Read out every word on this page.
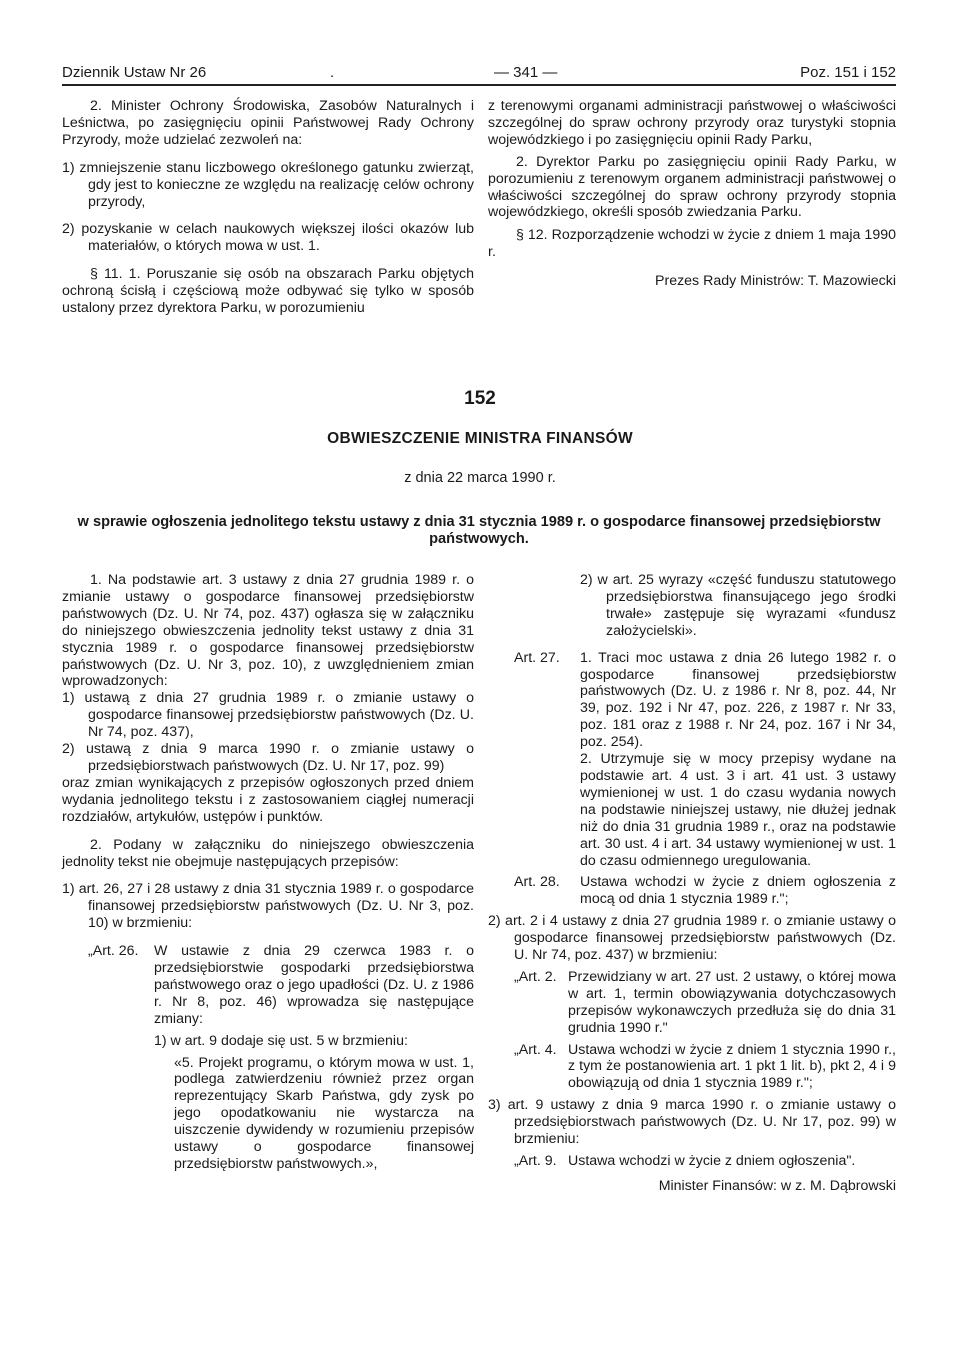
Dziennik Ustaw Nr 26	.	— 341 —	Poz. 151 i 152

2. Minister Ochrony Środowiska, Zasobów Naturalnych i Leśnictwa, po zasięgnięciu opinii Państwowej Rady Ochrony Przyrody, może udzielać zezwoleń na:

1) zmniejszenie stanu liczbowego określonego gatunku zwierząt, gdy jest to konieczne ze względu na realizację celów ochrony przyrody,

2) pozyskanie w celach naukowych większej ilości okazów lub materiałów, o których mowa w ust. 1.

§ 11. 1. Poruszanie się osób na obszarach Parku objętych ochroną ścisłą i częściową może odbywać się tylko w sposób ustalony przez dyrektora Parku, w porozumieniu

z terenowymi organami administracji państwowej o właściwości szczególnej do spraw ochrony przyrody oraz turystyki stopnia wojewódzkiego i po zasięgnięciu opinii Rady Parku,

2. Dyrektor Parku po zasięgnięciu opinii Rady Parku, w porozumieniu z terenowym organem administracji państwowej o właściwości szczególnej do spraw ochrony przyrody stopnia wojewódzkiego, określi sposób zwiedzania Parku.

§ 12. Rozporządzenie wchodzi w życie z dniem 1 maja 1990 r.

Prezes Rady Ministrów: T. Mazowiecki

152
OBWIESZCZENIE MINISTRA FINANSÓW
z dnia 22 marca 1990 r.
w sprawie ogłoszenia jednolitego tekstu ustawy z dnia 31 stycznia 1989 r. o gospodarce finansowej przedsiębiorstw państwowych.

1. Na podstawie art. 3 ustawy z dnia 27 grudnia 1989 r. o zmianie ustawy o gospodarce finansowej przedsiębiorstw państwowych (Dz. U. Nr 74, poz. 437) ogłasza się w załączniku do niniejszego obwieszczenia jednolity tekst ustawy z dnia 31 stycznia 1989 r. o gospodarce finansowej przedsiębiorstw państwowych (Dz. U. Nr 3, poz. 10), z uwzględnieniem zmian wprowadzonych:

1) ustawą z dnia 27 grudnia 1989 r. o zmianie ustawy o gospodarce finansowej przedsiębiorstw państwowych (Dz. U. Nr 74, poz. 437),

2) ustawą z dnia 9 marca 1990 r. o zmianie ustawy o przedsiębiorstwach państwowych (Dz. U. Nr 17, poz. 99)

oraz zmian wynikających z przepisów ogłoszonych przed dniem wydania jednolitego tekstu i z zastosowaniem ciągłej numeracji rozdziałów, artykułów, ustępów i punktów.

2. Podany w załączniku do niniejszego obwieszczenia jednolity tekst nie obejmuje następujących przepisów:

1) art. 26, 27 i 28 ustawy z dnia 31 stycznia 1989 r. o gospodarce finansowej przedsiębiorstw państwowych (Dz. U. Nr 3, poz. 10) w brzmieniu:

„Art. 26.	W ustawie z dnia 29 czerwca 1983 r. o przedsiębiorstwie gospodarki przedsiębiorstwa państwowego oraz o jego upadłości (Dz. U. z 1986 r. Nr 8, poz. 46) wprowadza się następujące zmiany:

1) w art. 9 dodaje się ust. 5 w brzmieniu:

«5. Projekt programu, o którym mowa w ust. 1, podlega zatwierdzeniu również przez organ reprezentujący Skarb Państwa, gdy zysk po jego opodatkowaniu nie wystarcza na uiszczenie dywidendy w rozumieniu przepisów ustawy o gospodarce finansowej przedsiębiorstw państwowych.»,

2) w art. 25 wyrazy «część funduszu statutowego przedsiębiorstwa finansującego jego środki trwałe» zastępuje się wyrazami «fundusz założycielski».

Art. 27.	1. Traci moc ustawa z dnia 26 lutego 1982 r. o gospodarce finansowej przedsiębiorstw państwowych (Dz. U. z 1986 r. Nr 8, poz. 44, Nr 39, poz. 192 i Nr 47, poz. 226, z 1987 r. Nr 33, poz. 181 oraz z 1988 r. Nr 24, poz. 167 i Nr 34, poz. 254).

2. Utrzymuje się w mocy przepisy wydane na podstawie art. 4 ust. 3 i art. 41 ust. 3 ustawy wymienionej w ust. 1 do czasu wydania nowych na podstawie niniejszej ustawy, nie dłużej jednak niż do dnia 31 grudnia 1989 r., oraz na podstawie art. 30 ust. 4 i art. 34 ustawy wymienionej w ust. 1 do czasu odmiennego uregulowania.

Art. 28.	Ustawa wchodzi w życie z dniem ogłoszenia z mocą od dnia 1 stycznia 1989 r.";

2) art. 2 i 4 ustawy z dnia 27 grudnia 1989 r. o zmianie ustawy o gospodarce finansowej przedsiębiorstw państwowych (Dz. U. Nr 74, poz. 437) w brzmieniu:

„Art. 2. Przewidziany w art. 27 ust. 2 ustawy, o której mowa w art. 1, termin obowiązywania dotychczasowych przepisów wykonawczych przedłuża się do dnia 31 grudnia 1990 r."
„Art. 4. Ustawa wchodzi w życie z dniem 1 stycznia 1990 r., z tym że postanowienia art. 1 pkt 1 lit. b), pkt 2, 4 i 9 obowiązują od dnia 1 stycznia 1989 r.";

3) art. 9 ustawy z dnia 9 marca 1990 r. o zmianie ustawy o przedsiębiorstwach państwowych (Dz. U. Nr 17, poz. 99) w brzmieniu:

„Art. 9. Ustawa wchodzi w życie z dniem ogłoszenia".

Minister Finansów: w z. M. Dąbrowski
